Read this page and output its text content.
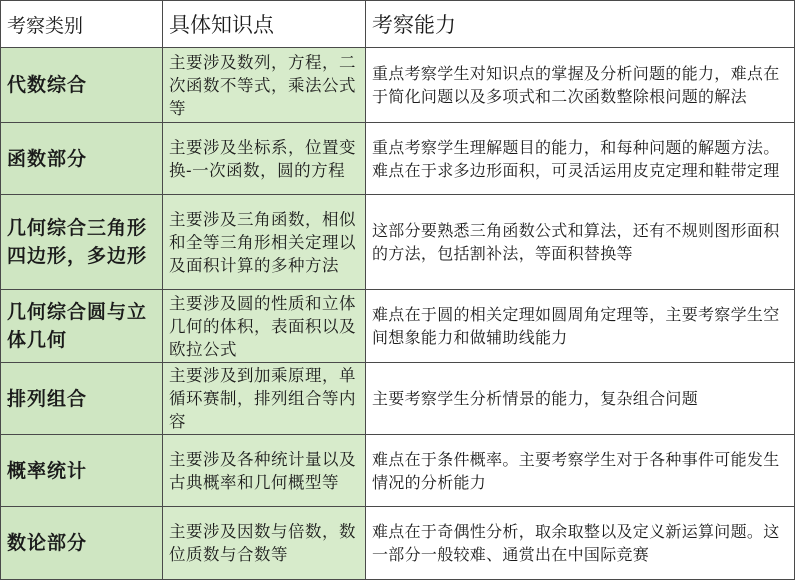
考察类别	具体知识点	考察能力
代数综合	主要涉及数列，方程，二次函数不等式，乘法公式等	重点考察学生对知识点的掌握及分析问题的能力，难点在于简化问题以及多项式和二次函数整除根问题的解法
函数部分	主要涉及坐标系，位置变换-一次函数，圆的方程	重点考察学生理解题目的能力，和每种问题的解题方法。难点在于求多边形面积，可灵活运用皮克定理和鞋带定理
几何综合三角形四边形，多边形	主要涉及三角函数，相似和全等三角形相关定理以及面积计算的多种方法	这部分要熟悉三角函数公式和算法，还有不规则图形面积的方法，包括割补法，等面积替换等
几何综合圆与立体几何	主要涉及圆的性质和立体几何的体积，表面积以及欧拉公式	难点在于圆的相关定理如圆周角定理等，主要考察学生空间想象能力和做辅助线能力
排列组合	主要涉及到加乘原理，单循环赛制，排列组合等内容	主要考察学生分析情景的能力，复杂组合问题
概率统计	主要涉及各种统计量以及古典概率和几何概型等	难点在于条件概率。主要考察学生对于各种事件可能发生情况的分析能力
数论部分	主要涉及因数与倍数，数位质数与合数等	难点在于奇偶性分析，取余取整以及定义新运算问题。这一部分一般较难、通赏出在中国际竞赛
